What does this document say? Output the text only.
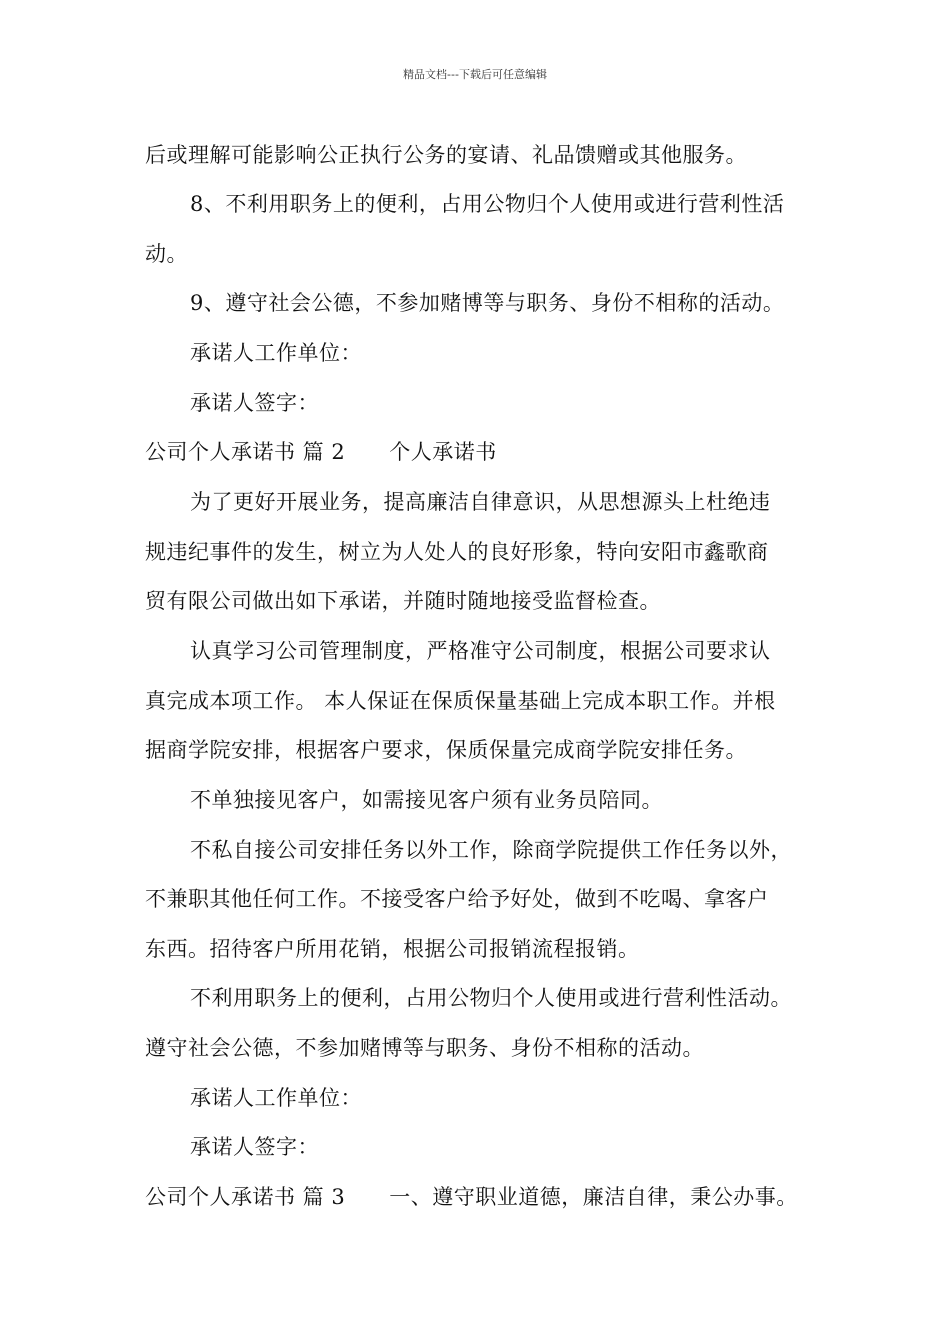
精品文档---下载后可任意编辑
后或理解可能影响公正执行公务的宴请、礼品馈赠或其他服务。
8、不利用职务上的便利，占用公物归个人使用或进行营利性活
动。
9、遵守社会公德，不参加赌博等与职务、身份不相称的活动。
承诺人工作单位：
承诺人签字：
公司个人承诺书 篇 2 个人承诺书
为了更好开展业务，提高廉洁自律意识，从思想源头上杜绝违
规违纪事件的发生，树立为人处人的良好形象，特向安阳市鑫歌商
贸有限公司做出如下承诺，并随时随地接受监督检查。
认真学习公司管理制度，严格准守公司制度，根据公司要求认
真完成本项工作。 本人保证在保质保量基础上完成本职工作。并根
据商学院安排，根据客户要求，保质保量完成商学院安排任务。
不单独接见客户，如需接见客户须有业务员陪同。
不私自接公司安排任务以外工作，除商学院提供工作任务以外，
不兼职其他任何工作。不接受客户给予好处，做到不吃喝、拿客户
东西。招待客户所用花销，根据公司报销流程报销。
不利用职务上的便利，占用公物归个人使用或进行营利性活动。
遵守社会公德，不参加赌博等与职务、身份不相称的活动。
承诺人工作单位：
承诺人签字：
公司个人承诺书 篇 3 一、遵守职业道德，廉洁自律，秉公办事。
